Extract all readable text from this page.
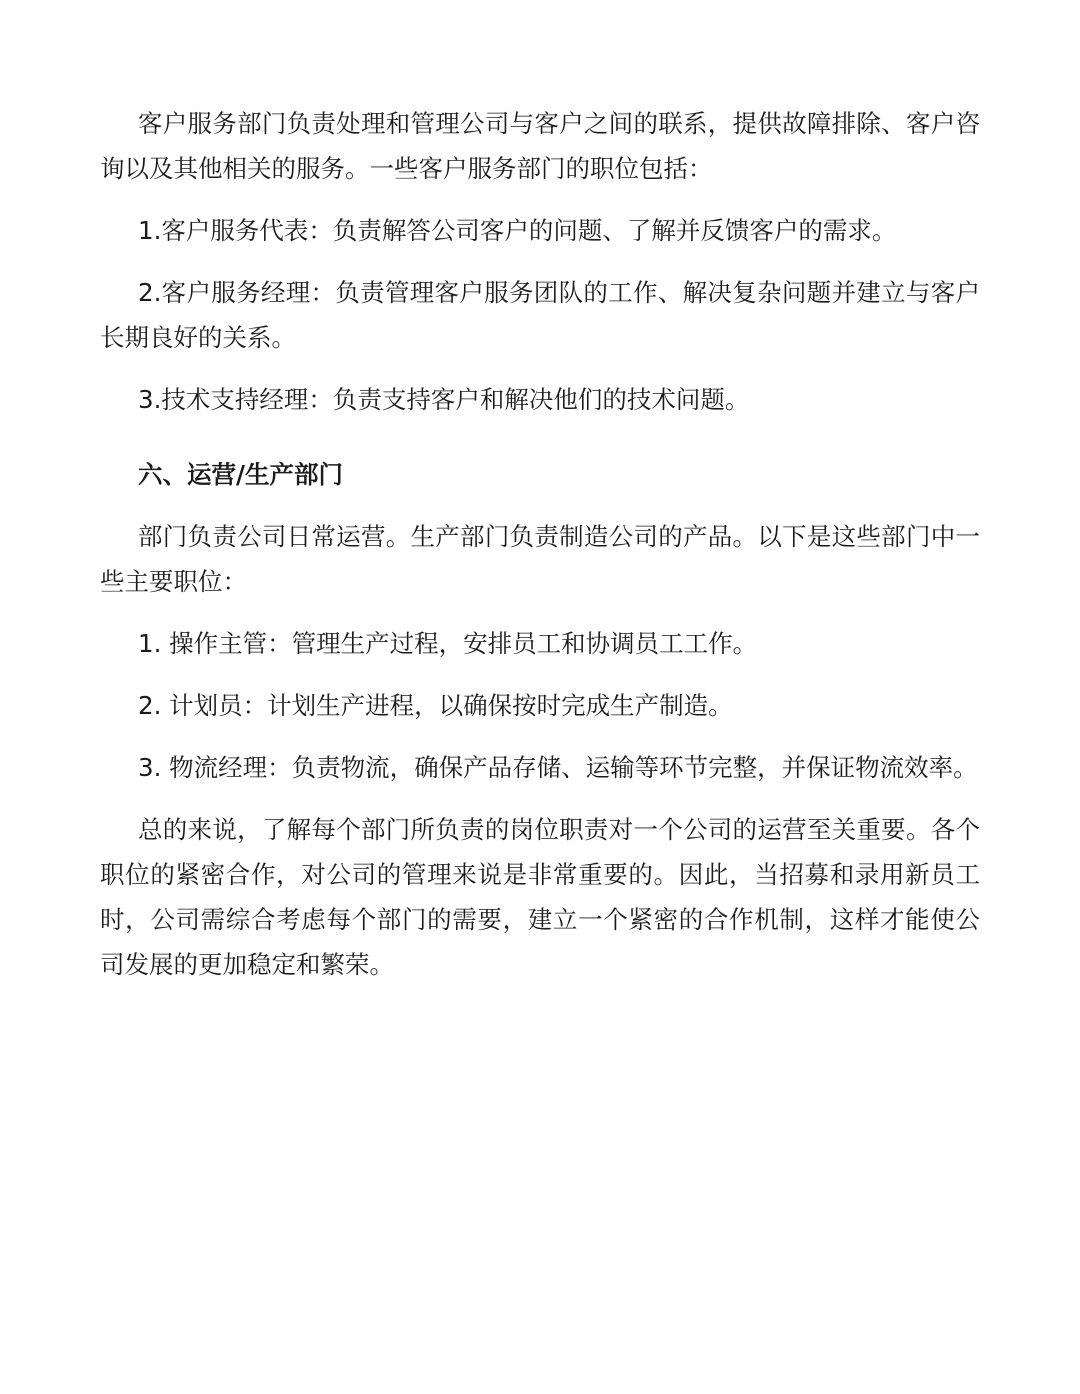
客户服务部门负责处理和管理公司与客户之间的联系，提供故障排除、客户咨询以及其他相关的服务。一些客户服务部门的职位包括：

1.客户服务代表：负责解答公司客户的问题、了解并反馈客户的需求。

2.客户服务经理：负责管理客户服务团队的工作、解决复杂问题并建立与客户长期良好的关系。

3.技术支持经理：负责支持客户和解决他们的技术问题。

六、运营/生产部门

部门负责公司日常运营。生产部门负责制造公司的产品。以下是这些部门中一些主要职位：

1. 操作主管：管理生产过程，安排员工和协调员工工作。

2. 计划员：计划生产进程，以确保按时完成生产制造。

3. 物流经理：负责物流，确保产品存储、运输等环节完整，并保证物流效率。

总的来说，了解每个部门所负责的岗位职责对一个公司的运营至关重要。各个职位的紧密合作，对公司的管理来说是非常重要的。因此，当招募和录用新员工时，公司需综合考虑每个部门的需要，建立一个紧密的合作机制，这样才能使公司发展的更加稳定和繁荣。
